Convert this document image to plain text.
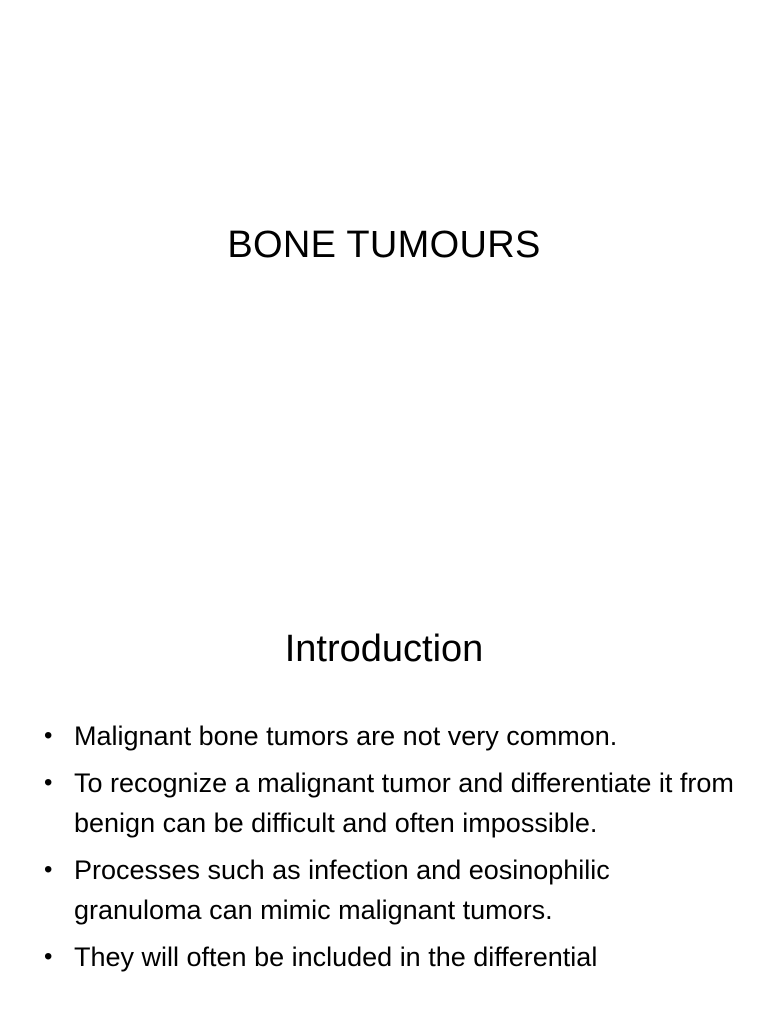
BONE TUMOURS
Introduction
• Malignant bone tumors are not very common.
• To recognize a malignant tumor and differentiate it from benign can be difficult and often impossible.
• Processes such as infection and eosinophilic granuloma can mimic malignant tumors.
• They will often be included in the differential
